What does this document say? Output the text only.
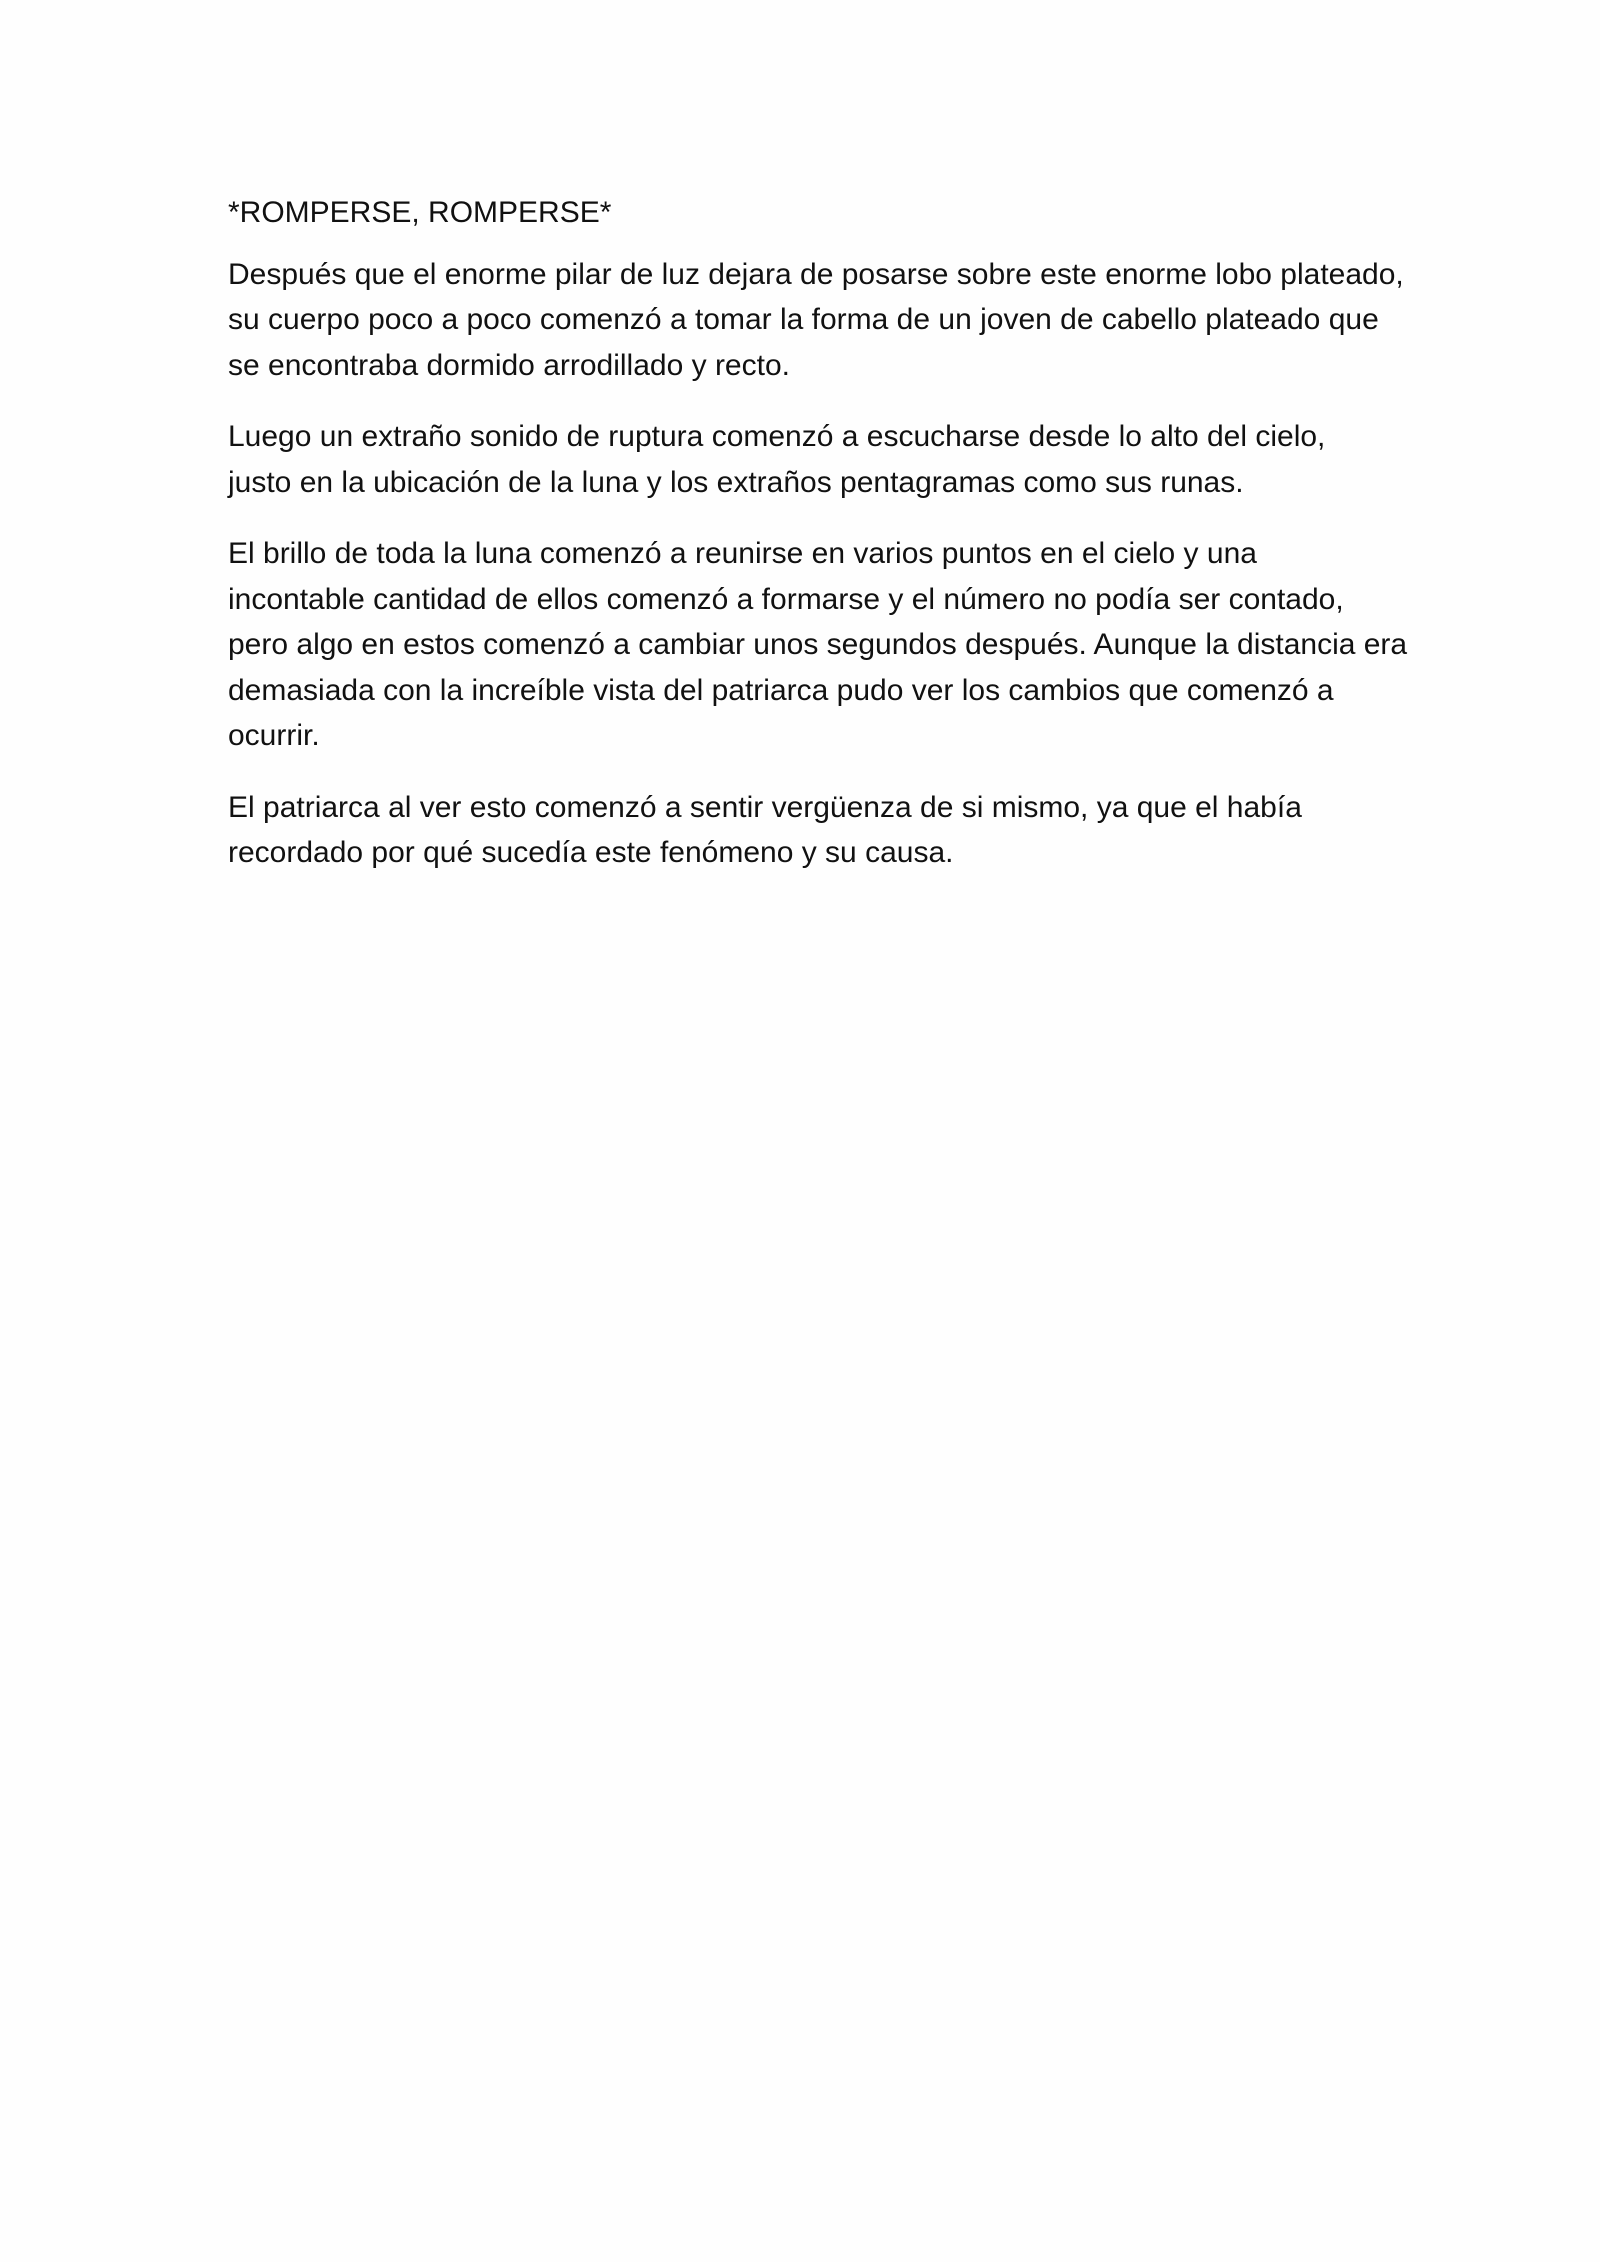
*ROMPERSE, ROMPERSE*

Después que el enorme pilar de luz dejara de posarse sobre este enorme lobo plateado,
su cuerpo poco a poco comenzó a tomar la forma de un joven de cabello plateado que
se encontraba dormido arrodillado y recto.

Luego un extraño sonido de ruptura comenzó a escucharse desde lo alto del cielo,
justo en la ubicación de la luna y los extraños pentagramas como sus runas.

El brillo de toda la luna comenzó a reunirse en varios puntos en el cielo y una
incontable cantidad de ellos comenzó a formarse y el número no podía ser contado,
pero algo en estos comenzó a cambiar unos segundos después. Aunque la distancia era
demasiada con la increíble vista del patriarca pudo ver los cambios que comenzó a
ocurrir.

El patriarca al ver esto comenzó a sentir vergüenza de si mismo, ya que el había
recordado por qué sucedía este fenómeno y su causa.
